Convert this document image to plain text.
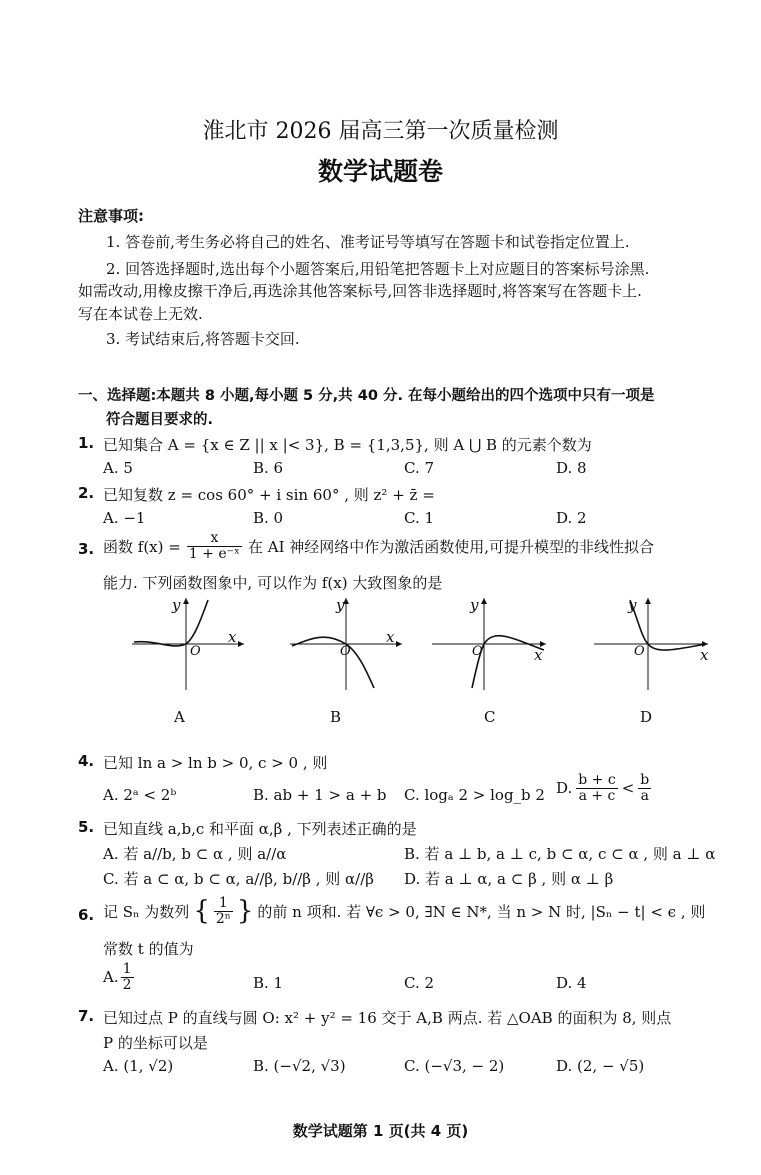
淮北市 2026 届高三第一次质量检测
数学试题卷
注意事项:
1. 答卷前,考生务必将自己的姓名、准考证号等填写在答题卡和试卷指定位置上.
2. 回答选择题时,选出每个小题答案后,用铅笔把答题卡上对应题目的答案标号涂黑.
如需改动,用橡皮擦干净后,再选涂其他答案标号,回答非选择题时,将答案写在答题卡上.
写在本试卷上无效.
3. 考试结束后,将答题卡交回.
一、选择题:本题共 8 小题,每小题 5 分,共 40 分. 在每小题给出的四个选项中只有一项是
符合题目要求的.
1. 已知集合 A = {x ∈ Z || x |< 3}, B = {1,3,5}, 则 A ⋃ B 的元素个数为
A. 5	B. 6	C. 7	D. 8
2. 已知复数 z = cos 60° + i sin 60° , 则 z² + z̄ =
A. −1	B. 0	C. 1	D. 2
3. 函数 $f(x) = \frac{x}{\text{1 + e⁻ˣ}}$ 在 AI 神经网络中作为激活函数使用,可提升模型的非线性拟合
能力. 下列函数图象中, 可以作为 f(x) 大致图象的是
y
x
O
A
y
x
O
B
y
x
O
C
y
x
O
D
4. 已知 ln a > ln b > 0, c > 0 , 则
A. 2ᵃ < 2ᵇ	B. ab + 1 > a + b C. logₐ 2 > log_b 2 D. $\frac{b + c}{a + c} < \frac{b}{a}$
5. 已知直线 a,b,c 和平面 α,β , 下列表述正确的是
A. 若 a//b, b ⊂ α , 则 a//α	B. 若 a ⊥ b, a ⊥ c, b ⊂ α, c ⊂ α , 则 a ⊥ α
C. 若 a ⊂ α, b ⊂ α, a//β, b//β , 则 α//β D. 若 a ⊥ α, a ⊂ β , 则 α ⊥ β
6. 记 Sₙ 为数列 { $\frac{1}{\text{2ⁿ}}$ } 的前 n 项和. 若 ∀ϵ > 0, ∃N ∈ N*, 当 n > N 时, |Sₙ − t| < ϵ , 则
常数 t 的值为
A. $\frac{1}{2}$	B. 1	C. 2	D. 4
7. 已知过点 P 的直线与圆 O: x² + y² = 16 交于 A,B 两点. 若 △OAB 的面积为 8, 则点
P 的坐标可以是
A. (1, √2)	B. (−√2, √3)	C. (−√3, − 2)	D. (2, − √5)
数学试题第 1 页(共 4 页)
